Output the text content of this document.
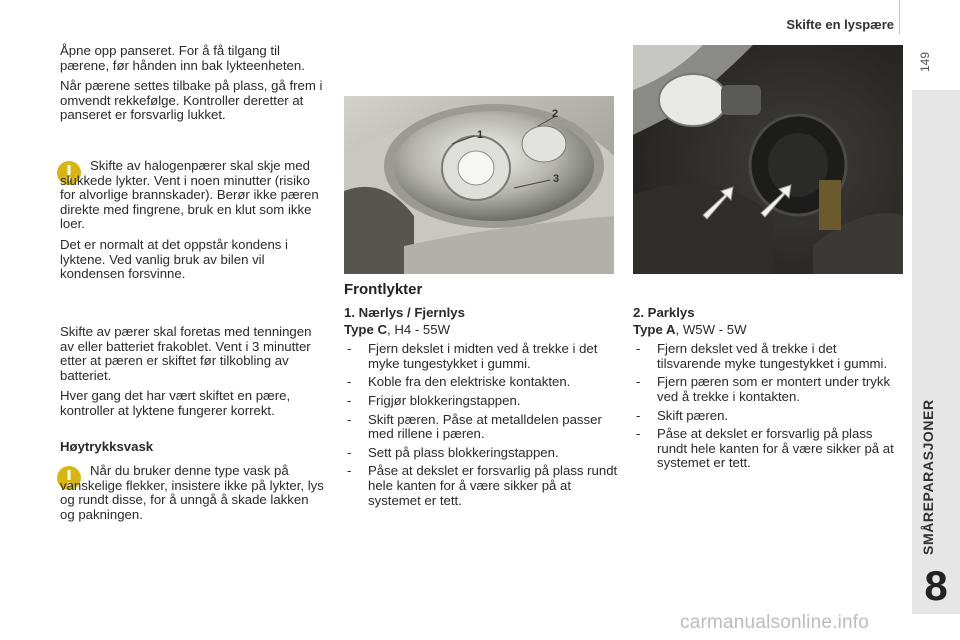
Skifte en lyspære
149
SMÅREPARASJONER
8

Åpne opp panseret. For å få tilgang til pærene, før hånden inn bak lykteenheten.

Når pærene settes tilbake på plass, gå frem i omvendt rekkefølge. Kontroller deretter at panseret er forsvarlig lukket.

Skifte av halogenpærer skal skje med slukkede lykter. Vent i noen minutter (risiko for alvorlige brannskader). Berør ikke pæren direkte med fingrene, bruk en klut som ikke loer.

Det er normalt at det oppstår kondens i lyktene. Ved vanlig bruk av bilen vil kondensen forsvinne.

Skifte av pærer skal foretas med tenningen av eller batteriet frakoblet. Vent i 3 minutter etter at pæren er skiftet før tilkobling av batteriet.

Hver gang det har vært skiftet en pære, kontroller at lyktene fungerer korrekt.

Høytrykksvask

Når du bruker denne type vask på vanskelige flekker, insistere ikke på lykter, lys og rundt disse, for å unngå å skade lakken og pakningen.

1
2
3
Frontlykter
1. Nærlys / Fjernlys
Type C, H4 - 55W
- Fjern dekslet i midten ved å trekke i det myke tungestykket i gummi.
- Koble fra den elektriske kontakten.
- Frigjør blokkeringstappen.
- Skift pæren. Påse at metalldelen passer med rillene i pæren.
- Sett på plass blokkeringstappen.
- Påse at dekslet er forsvarlig på plass rundt hele kanten for å være sikker på at systemet er tett.
2. Parklys
Type A, W5W - 5W
- Fjern dekslet ved å trekke i det tilsvarende myke tungestykket i gummi.
- Fjern pæren som er montert under trykk ved å trekke i kontakten.
- Skift pæren.
- Påse at dekslet er forsvarlig på plass rundt hele kanten for å være sikker på at systemet er tett.
carmanualsonline.info
